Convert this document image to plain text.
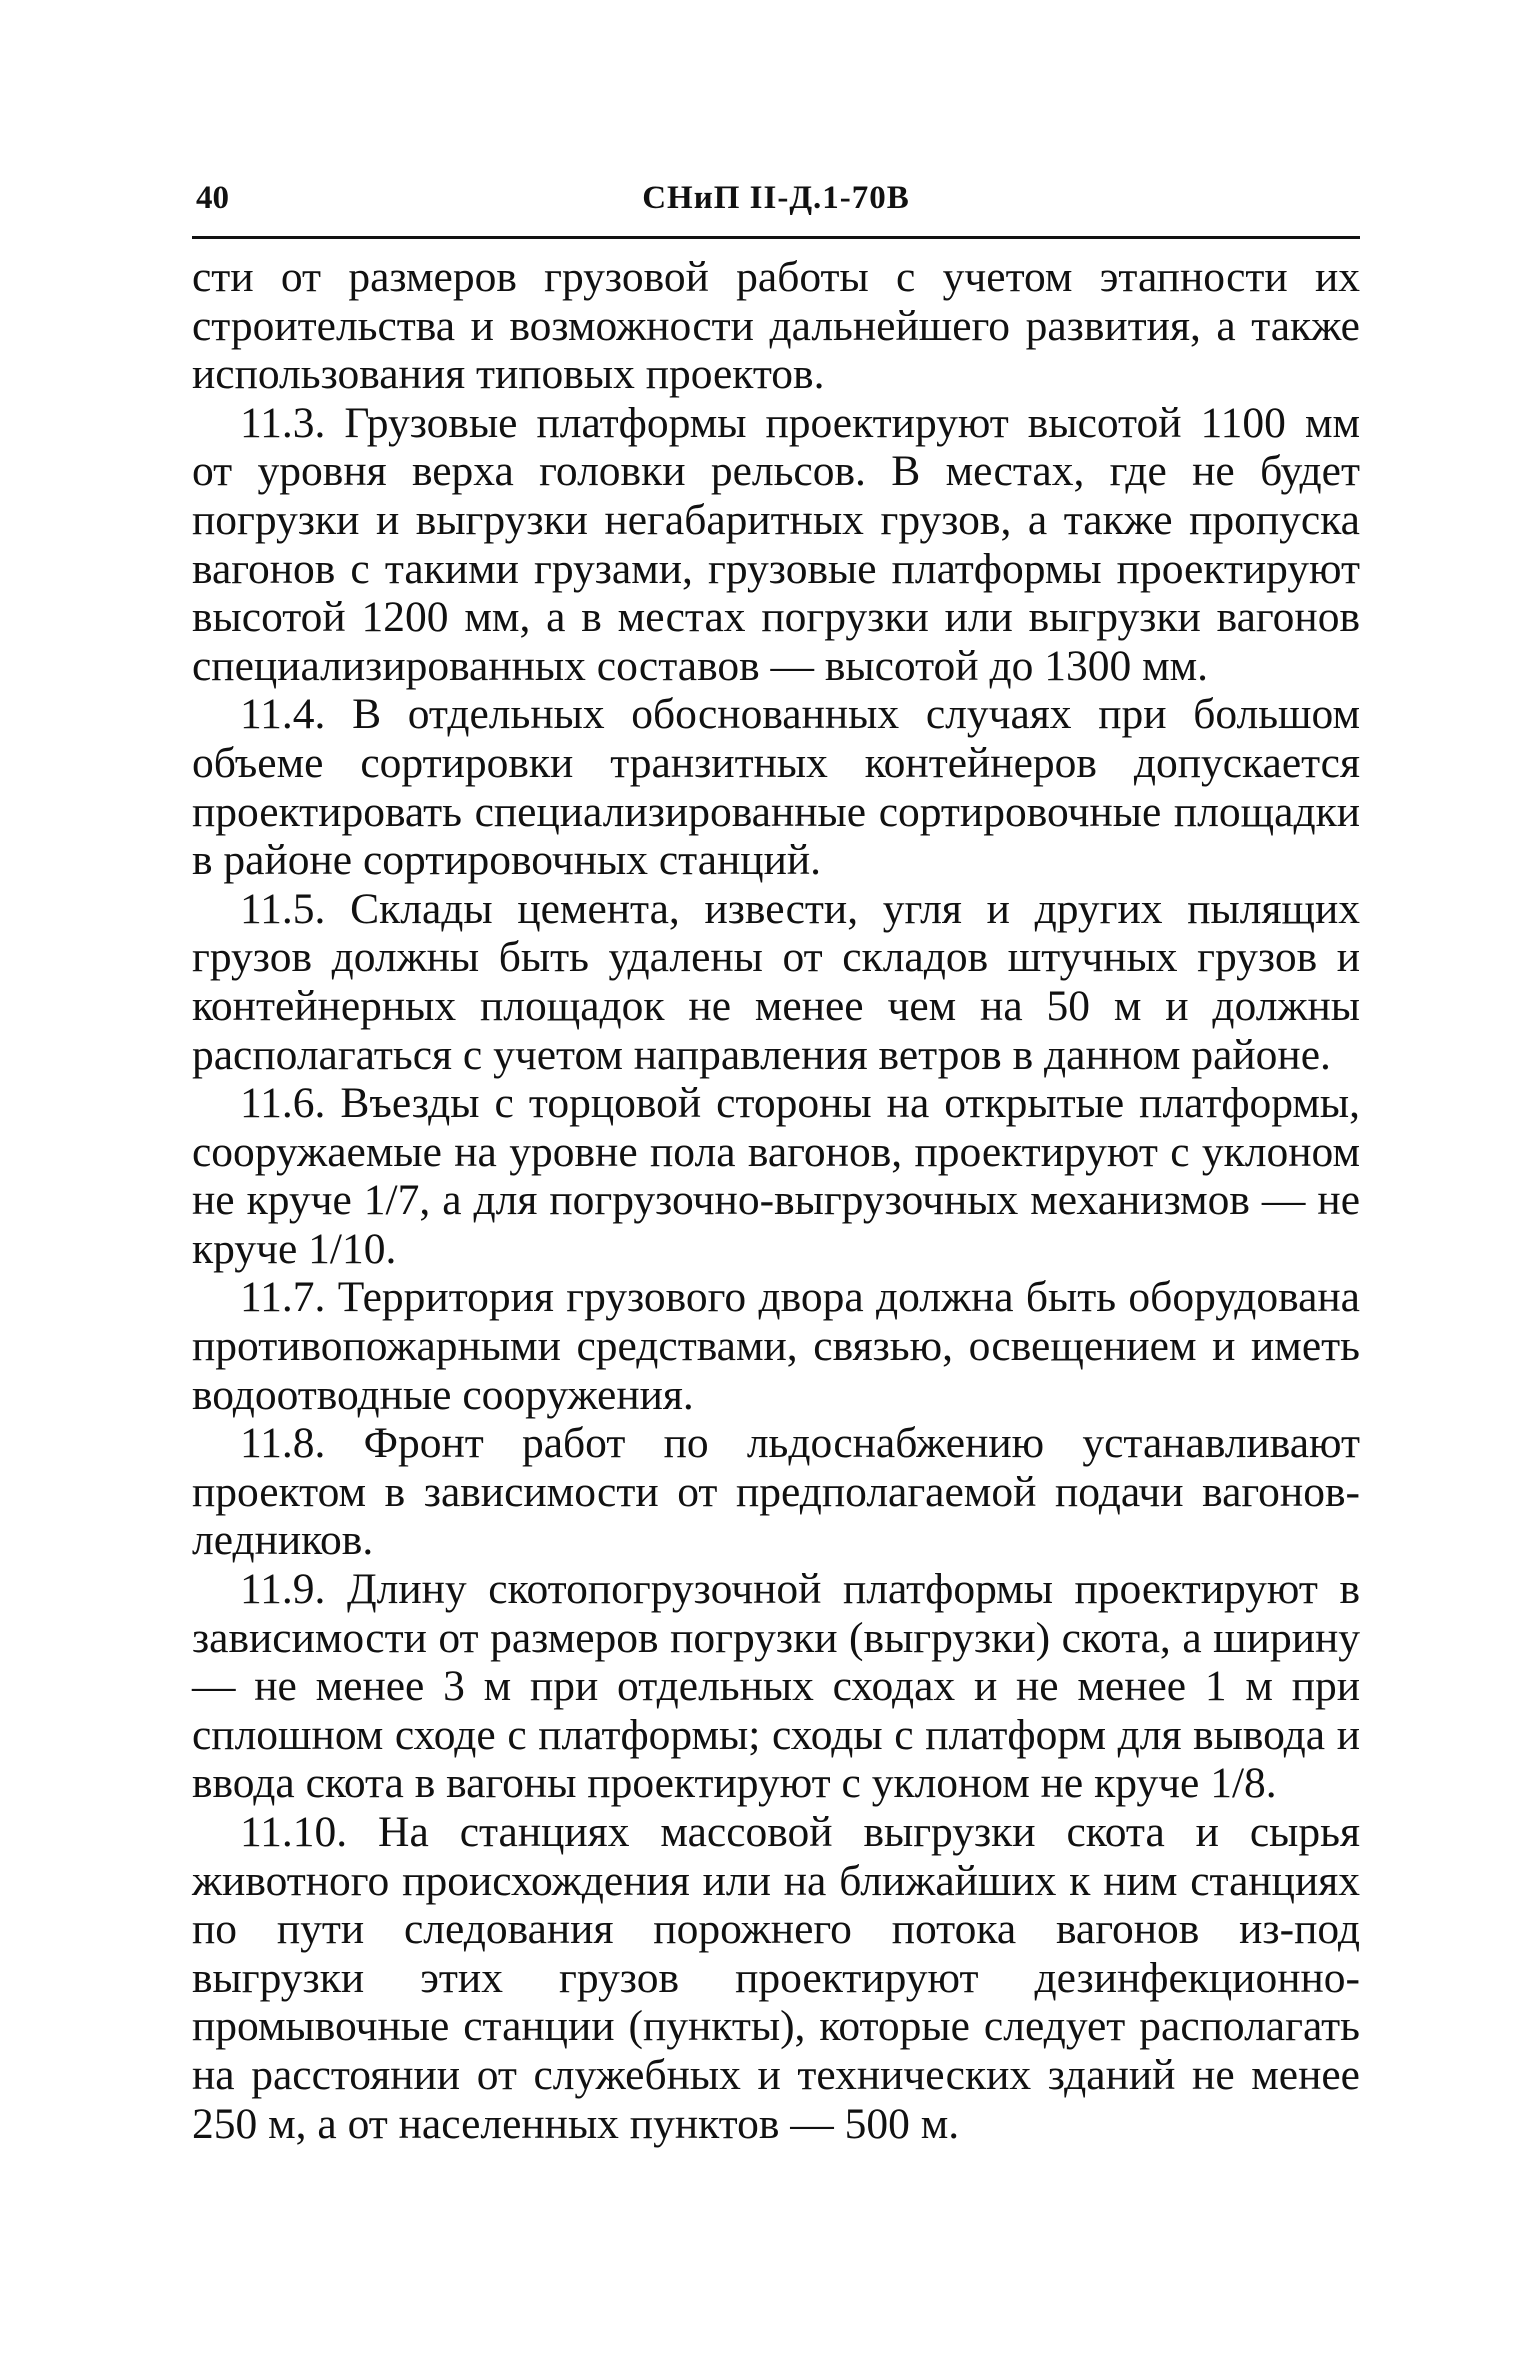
40	СНиП II-Д.1-70В

сти от размеров грузовой работы с учетом этапности их строительства и возможности дальнейшего развития, а также использования типовых проектов.

11.3. Грузовые платформы проектируют высотой 1100 мм от уровня верха головки рельсов. В местах, где не будет погрузки и выгрузки негабаритных грузов, а также пропуска вагонов с такими грузами, грузовые платформы проектируют высотой 1200 мм, а в местах погрузки или выгрузки вагонов специализированных составов — высотой до 1300 мм.

11.4. В отдельных обоснованных случаях при большом объеме сортировки транзитных контейнеров допускается проектировать специализированные сортировочные площадки в районе сортировочных станций.

11.5. Склады цемента, извести, угля и других пылящих грузов должны быть удалены от складов штучных грузов и контейнерных площадок не менее чем на 50 м и должны располагаться с учетом направления ветров в данном районе.

11.6. Въезды с торцовой стороны на открытые платформы, сооружаемые на уровне пола вагонов, проектируют с уклоном не круче 1/7, а для погрузочно-выгрузочных механизмов — не круче 1/10.

11.7. Территория грузового двора должна быть оборудована противопожарными средствами, связью, освещением и иметь водоотводные сооружения.

11.8. Фронт работ по льдоснабжению устанавливают проектом в зависимости от предполагаемой подачи вагонов-ледников.

11.9. Длину скотопогрузочной платформы проектируют в зависимости от размеров погрузки (выгрузки) скота, а ширину — не менее 3 м при отдельных сходах и не менее 1 м при сплошном сходе с платформы; сходы с платформ для вывода и ввода скота в вагоны проектируют с уклоном не круче 1/8.

11.10. На станциях массовой выгрузки скота и сырья животного происхождения или на ближайших к ним станциях по пути следования порожнего потока вагонов из-под выгрузки этих грузов проектируют дезинфекционно-промывочные станции (пункты), которые следует располагать на расстоянии от служебных и технических зданий не менее 250 м, а от населенных пунктов — 500 м.
